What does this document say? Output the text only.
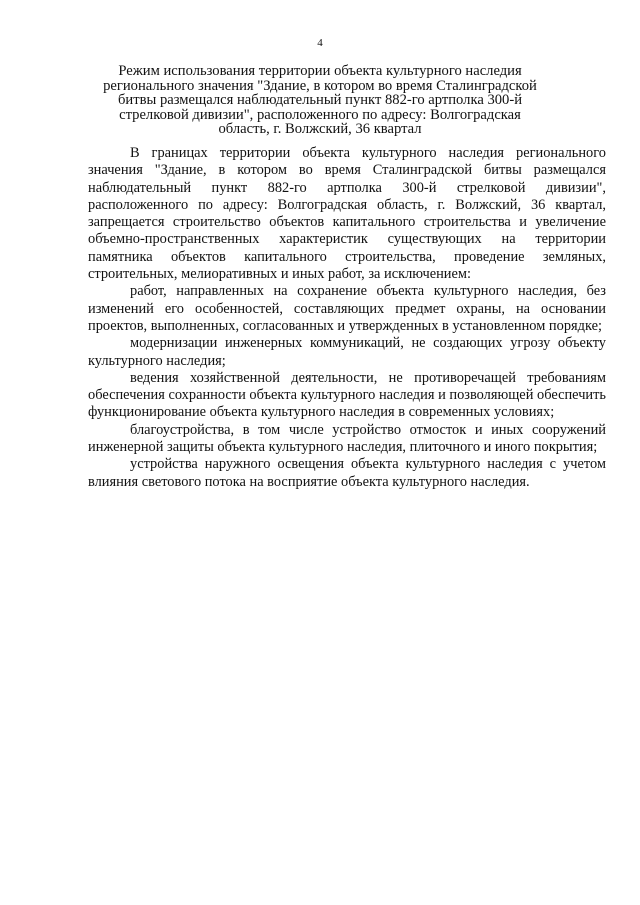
4
Режим использования территории объекта культурного наследия регионального значения "Здание, в котором во время Сталинградской битвы размещался наблюдательный пункт 882-го артполка 300-й стрелковой дивизии", расположенного по адресу: Волгоградская область, г. Волжский, 36 квартал

В границах территории объекта культурного наследия регионального значения "Здание, в котором во время Сталинградской битвы размещался наблюдательный пункт 882-го артполка 300-й стрелковой дивизии", расположенного по адресу: Волгоградская область, г. Волжский, 36 квартал, запрещается строительство объектов капитального строительства и увеличение объемно-пространственных характеристик существующих на территории памятника объектов капитального строительства, проведение земляных, строительных, мелиоративных и иных работ, за исключением:

работ, направленных на сохранение объекта культурного наследия, без изменений его особенностей, составляющих предмет охраны, на основании проектов, выполненных, согласованных и утвержденных в установленном порядке;

модернизации инженерных коммуникаций, не создающих угрозу объекту культурного наследия;

ведения хозяйственной деятельности, не противоречащей требованиям обеспечения сохранности объекта культурного наследия и позволяющей обеспечить функционирование объекта культурного наследия в современных условиях;

благоустройства, в том числе устройство отмосток и иных сооружений инженерной защиты объекта культурного наследия, плиточного и иного покрытия;

устройства наружного освещения объекта культурного наследия с учетом влияния светового потока на восприятие объекта культурного наследия.
